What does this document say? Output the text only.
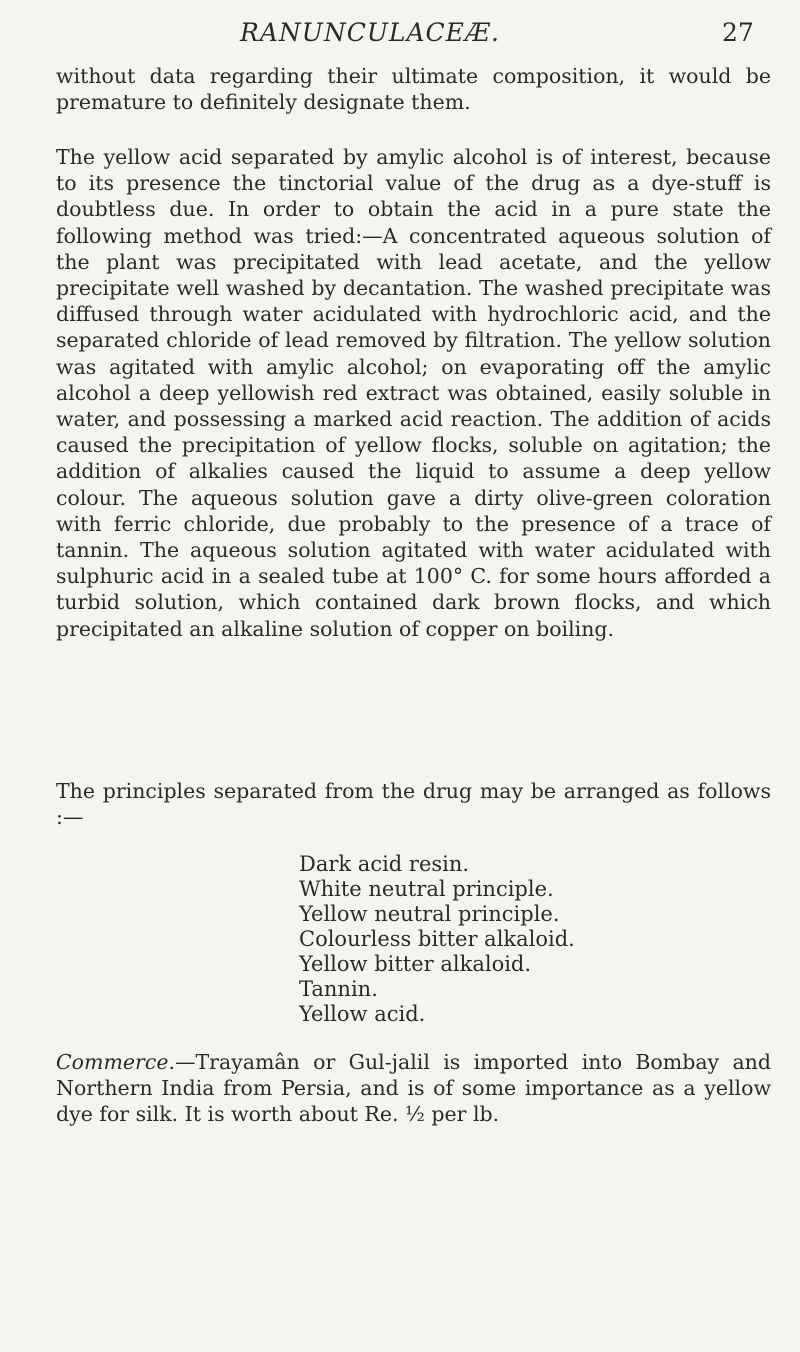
RANUNCULACEÆ.	27

without data regarding their ultimate composition, it would be premature to definitely designate them.

The yellow acid separated by amylic alcohol is of interest, because to its presence the tinctorial value of the drug as a dye-stuff is doubtless due. In order to obtain the acid in a pure state the following method was tried:—A concentrated aqueous solution of the plant was precipitated with lead acetate, and the yellow precipitate well washed by decantation. The washed precipitate was diffused through water acidulated with hydrochloric acid, and the separated chloride of lead removed by filtration. The yellow solution was agitated with amylic alcohol; on evaporating off the amylic alcohol a deep yellowish red extract was obtained, easily soluble in water, and possessing a marked acid reaction. The addition of acids caused the precipitation of yellow flocks, soluble on agitation; the addition of alkalies caused the liquid to assume a deep yellow colour. The aqueous solution gave a dirty olive-green coloration with ferric chloride, due probably to the presence of a trace of tannin. The aqueous solution agitated with water acidulated with sulphuric acid in a sealed tube at 100° C. for some hours afforded a turbid solution, which contained dark brown flocks, and which precipitated an alkaline solution of copper on boiling.

The principles separated from the drug may be arranged as follows :—

Dark acid resin.
White neutral principle.
Yellow neutral principle.
Colourless bitter alkaloid.
Yellow bitter alkaloid.
Tannin.
Yellow acid.

Commerce.—Trayamân or Gul-jalil is imported into Bombay and Northern India from Persia, and is of some importance as a yellow dye for silk. It is worth about Re. ½ per lb.
